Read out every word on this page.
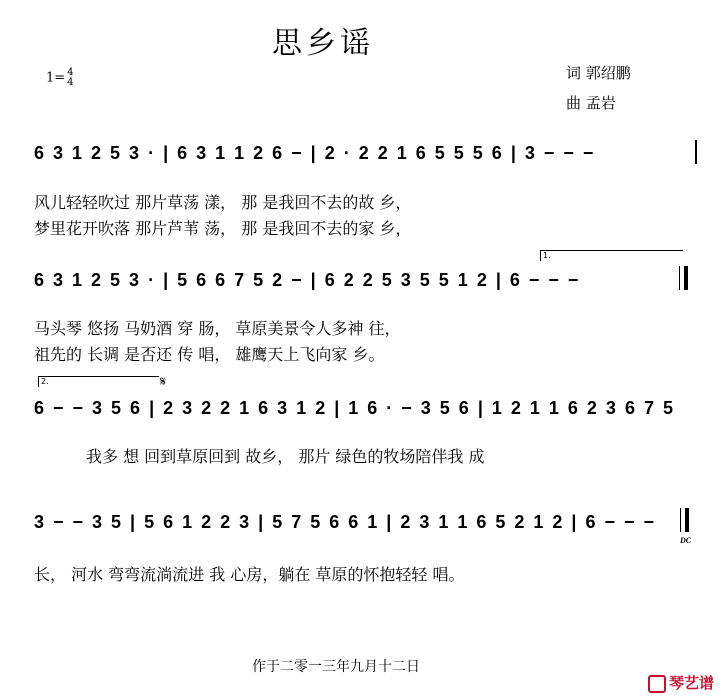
思乡谣
1= 4
4
词 郭绍鹏
曲 孟岩
6 3 1 2 5 3 · | 6 3 1 1 2 6 − | 2 · 2 2 1 6 5 5 5 6 | 3 − − −
风儿轻轻吹过 那片草荡 漾， 那 是我回不去的故 乡，
梦里花开吹落 那片芦苇 荡， 那 是我回不去的家 乡，
1.
6 3 1 2 5 3 · | 5 6 6 7 5 2 − | 6 2 2 5 3 5 5 1 2 | 6 − − −
马头琴 悠扬 马奶酒 穿 肠， 草原美景令人多神 往，
祖先的 长调 是否还 传 唱， 雄鹰天上飞向家 乡。
2.	𝄋
6 − − 3 5 6 | 2 3 2 2 1 6 3 1 2 | 1 6 · − 3 5 6 | 1 2 1 1 6 2 3 6 7 5
我多 想 回到草原回到 故乡， 那片 绿色的牧场陪伴我 成
3 − − 3 5 | 5 6 1 2 2 3 | 5 7 5 6 6 1 | 2 3 1 1 6 5 2 1 2 | 6 − − −
DC
长， 河水 弯弯流淌流进 我 心房，躺在 草原的怀抱轻轻 唱。
作于二零一三年九月十二日
琴艺谱
